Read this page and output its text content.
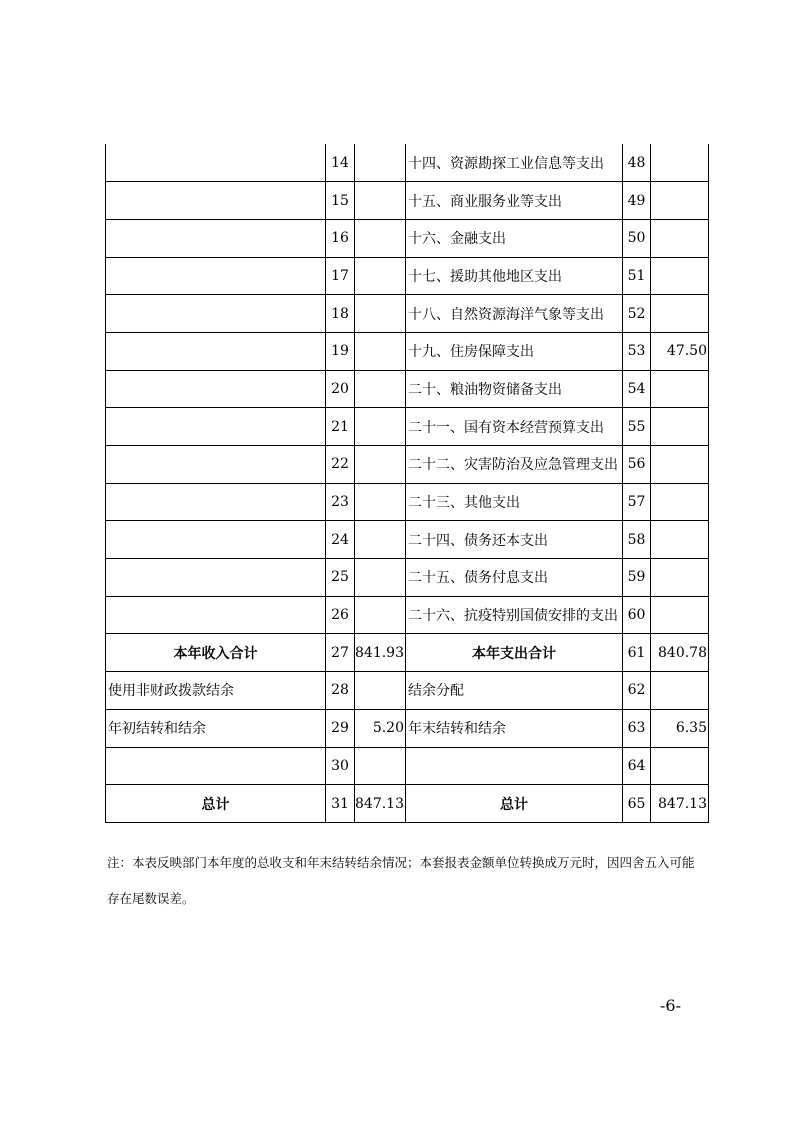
	14		十四、资源勘探工业信息等支出	48	
	15		十五、商业服务业等支出	49	
	16		十六、金融支出	50	
	17		十七、援助其他地区支出	51	
	18		十八、自然资源海洋气象等支出	52	
	19		十九、住房保障支出	53	47.50
	20		二十、粮油物资储备支出	54	
	21		二十一、国有资本经营预算支出	55	
	22		二十二、灾害防治及应急管理支出	56	
	23		二十三、其他支出	57	
	24		二十四、债务还本支出	58	
	25		二十五、债务付息支出	59	
	26		二十六、抗疫特别国债安排的支出	60	
本年收入合计	27	841.93	本年支出合计	61	840.78
使用非财政拨款结余	28		结余分配	62	
年初结转和结余	29	5.20	年末结转和结余	63	6.35
	30			64	
总计	31	847.13	总计	65	847.13
注：本表反映部门本年度的总收支和年末结转结余情况；本套报表金额单位转换成万元时，因四舍五入可能
存在尾数误差。
-6-
